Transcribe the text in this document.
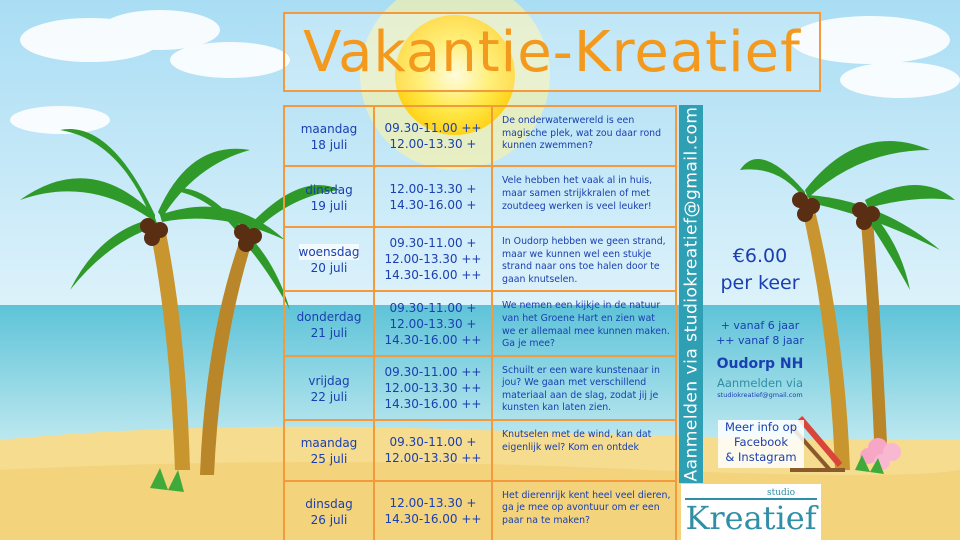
Vakantie-Kreatief
maandag
18 juli
09.30-11.00 ++
12.00-13.30 +
De onderwaterwereld is een magische plek, wat zou daar rond kunnen zwemmen?
dinsdag
19 juli
12.00-13.30 +
14.30-16.00 +
Vele hebben het vaak al in huis, maar samen strijkkralen of met zoutdeeg werken is veel leuker!
woensdag
20 juli
09.30-11.00 +
12.00-13.30 ++
14.30-16.00 ++
In Oudorp hebben we geen strand, maar we kunnen wel een stukje strand naar ons toe halen door te gaan knutselen.
donderdag
21 juli
09.30-11.00 +
12.00-13.30 +
14.30-16.00 ++
We nemen een kijkje in de natuur van het Groene Hart en zien wat we er allemaal mee kunnen maken. Ga je mee?
vrijdag
22 juli
09.30-11.00 ++
12.00-13.30 ++
14.30-16.00 ++
Schuilt er een ware kunstenaar in jou? We gaan met verschillend materiaal aan de slag, zodat jij je kunsten kan laten zien.
maandag
25 juli
09.30-11.00 +
12.00-13.30 ++
Knutselen met de wind, kan dat eigenlijk wel? Kom en ontdek
dinsdag
26 juli
12.00-13.30 +
14.30-16.00 ++
Het dierenrijk kent heel veel dieren, ga je mee op avontuur om er een paar na te maken?
Aanmelden via studiokreatief@gmail.com	€6.00
per keer
+ vanaf 6 jaar
++ vanaf 8 jaar
Oudorp NH
Aanmelden via
studiokreatief@gmail.com
Meer info op
Facebook
& Instagram
studio
Kreatief
